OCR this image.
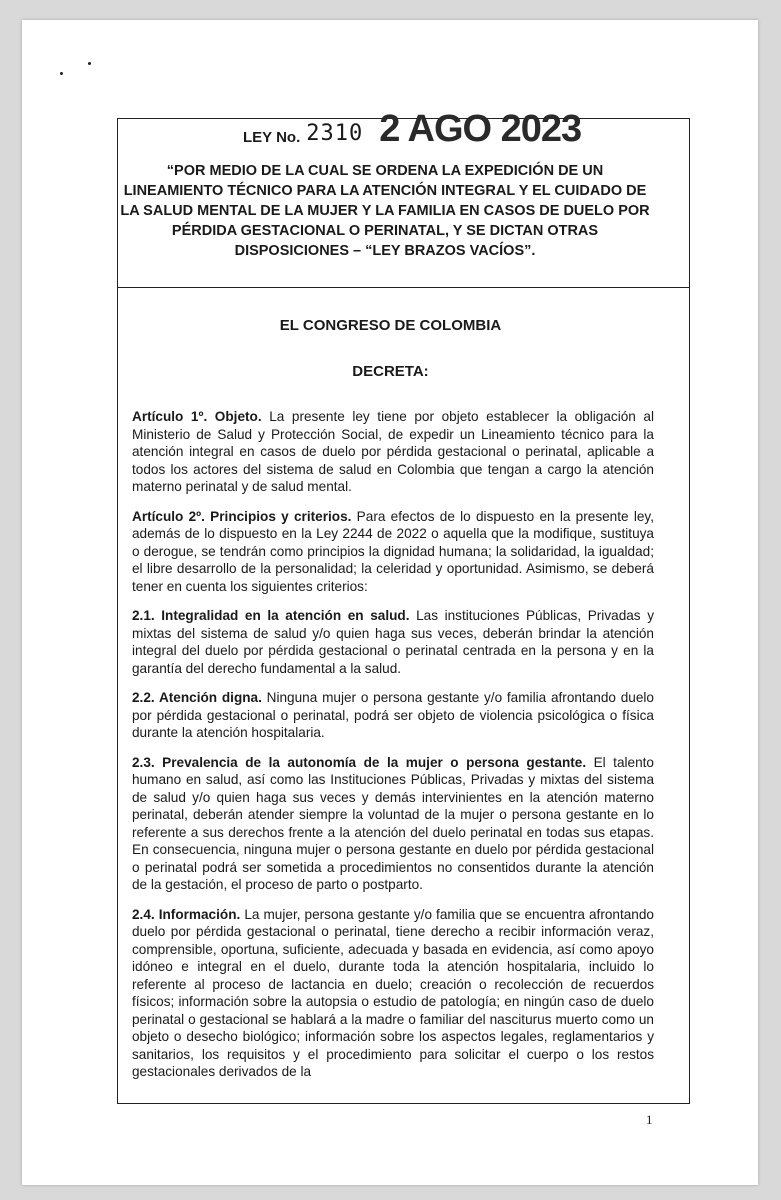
LEY No. 2310 2 AGO 2023
“POR MEDIO DE LA CUAL SE ORDENA LA EXPEDICIÓN DE UN LINEAMIENTO TÉCNICO PARA LA ATENCIÓN INTEGRAL Y EL CUIDADO DE LA SALUD MENTAL DE LA MUJER Y LA FAMILIA EN CASOS DE DUELO POR PÉRDIDA GESTACIONAL O PERINATAL, Y SE DICTAN OTRAS DISPOSICIONES – “LEY BRAZOS VACÍOS”.
EL CONGRESO DE COLOMBIA
DECRETA:

Artículo 1º. Objeto. La presente ley tiene por objeto establecer la obligación al Ministerio de Salud y Protección Social, de expedir un Lineamiento técnico para la atención integral en casos de duelo por pérdida gestacional o perinatal, aplicable a todos los actores del sistema de salud en Colombia que tengan a cargo la atención materno perinatal y de salud mental.

Artículo 2º. Principios y criterios. Para efectos de lo dispuesto en la presente ley, además de lo dispuesto en la Ley 2244 de 2022 o aquella que la modifique, sustituya o derogue, se tendrán como principios la dignidad humana; la solidaridad, la igualdad; el libre desarrollo de la personalidad; la celeridad y oportunidad. Asimismo, se deberá tener en cuenta los siguientes criterios:

2.1. Integralidad en la atención en salud. Las instituciones Públicas, Privadas y mixtas del sistema de salud y/o quien haga sus veces, deberán brindar la atención integral del duelo por pérdida gestacional o perinatal centrada en la persona y en la garantía del derecho fundamental a la salud.

2.2. Atención digna. Ninguna mujer o persona gestante y/o familia afrontando duelo por pérdida gestacional o perinatal, podrá ser objeto de violencia psicológica o física durante la atención hospitalaria.

2.3. Prevalencia de la autonomía de la mujer o persona gestante. El talento humano en salud, así como las Instituciones Públicas, Privadas y mixtas del sistema de salud y/o quien haga sus veces y demás intervinientes en la atención materno perinatal, deberán atender siempre la voluntad de la mujer o persona gestante en lo referente a sus derechos frente a la atención del duelo perinatal en todas sus etapas. En consecuencia, ninguna mujer o persona gestante en duelo por pérdida gestacional o perinatal podrá ser sometida a procedimientos no consentidos durante la atención de la gestación, el proceso de parto o postparto.

2.4. Información. La mujer, persona gestante y/o familia que se encuentra afrontando duelo por pérdida gestacional o perinatal, tiene derecho a recibir información veraz, comprensible, oportuna, suficiente, adecuada y basada en evidencia, así como apoyo idóneo e integral en el duelo, durante toda la atención hospitalaria, incluido lo referente al proceso de lactancia en duelo; creación o recolección de recuerdos físicos; información sobre la autopsia o estudio de patología; en ningún caso de duelo perinatal o gestacional se hablará a la madre o familiar del nasciturus muerto como un objeto o desecho biológico; información sobre los aspectos legales, reglamentarios y sanitarios, los requisitos y el procedimiento para solicitar el cuerpo o los restos gestacionales derivados de la

1
